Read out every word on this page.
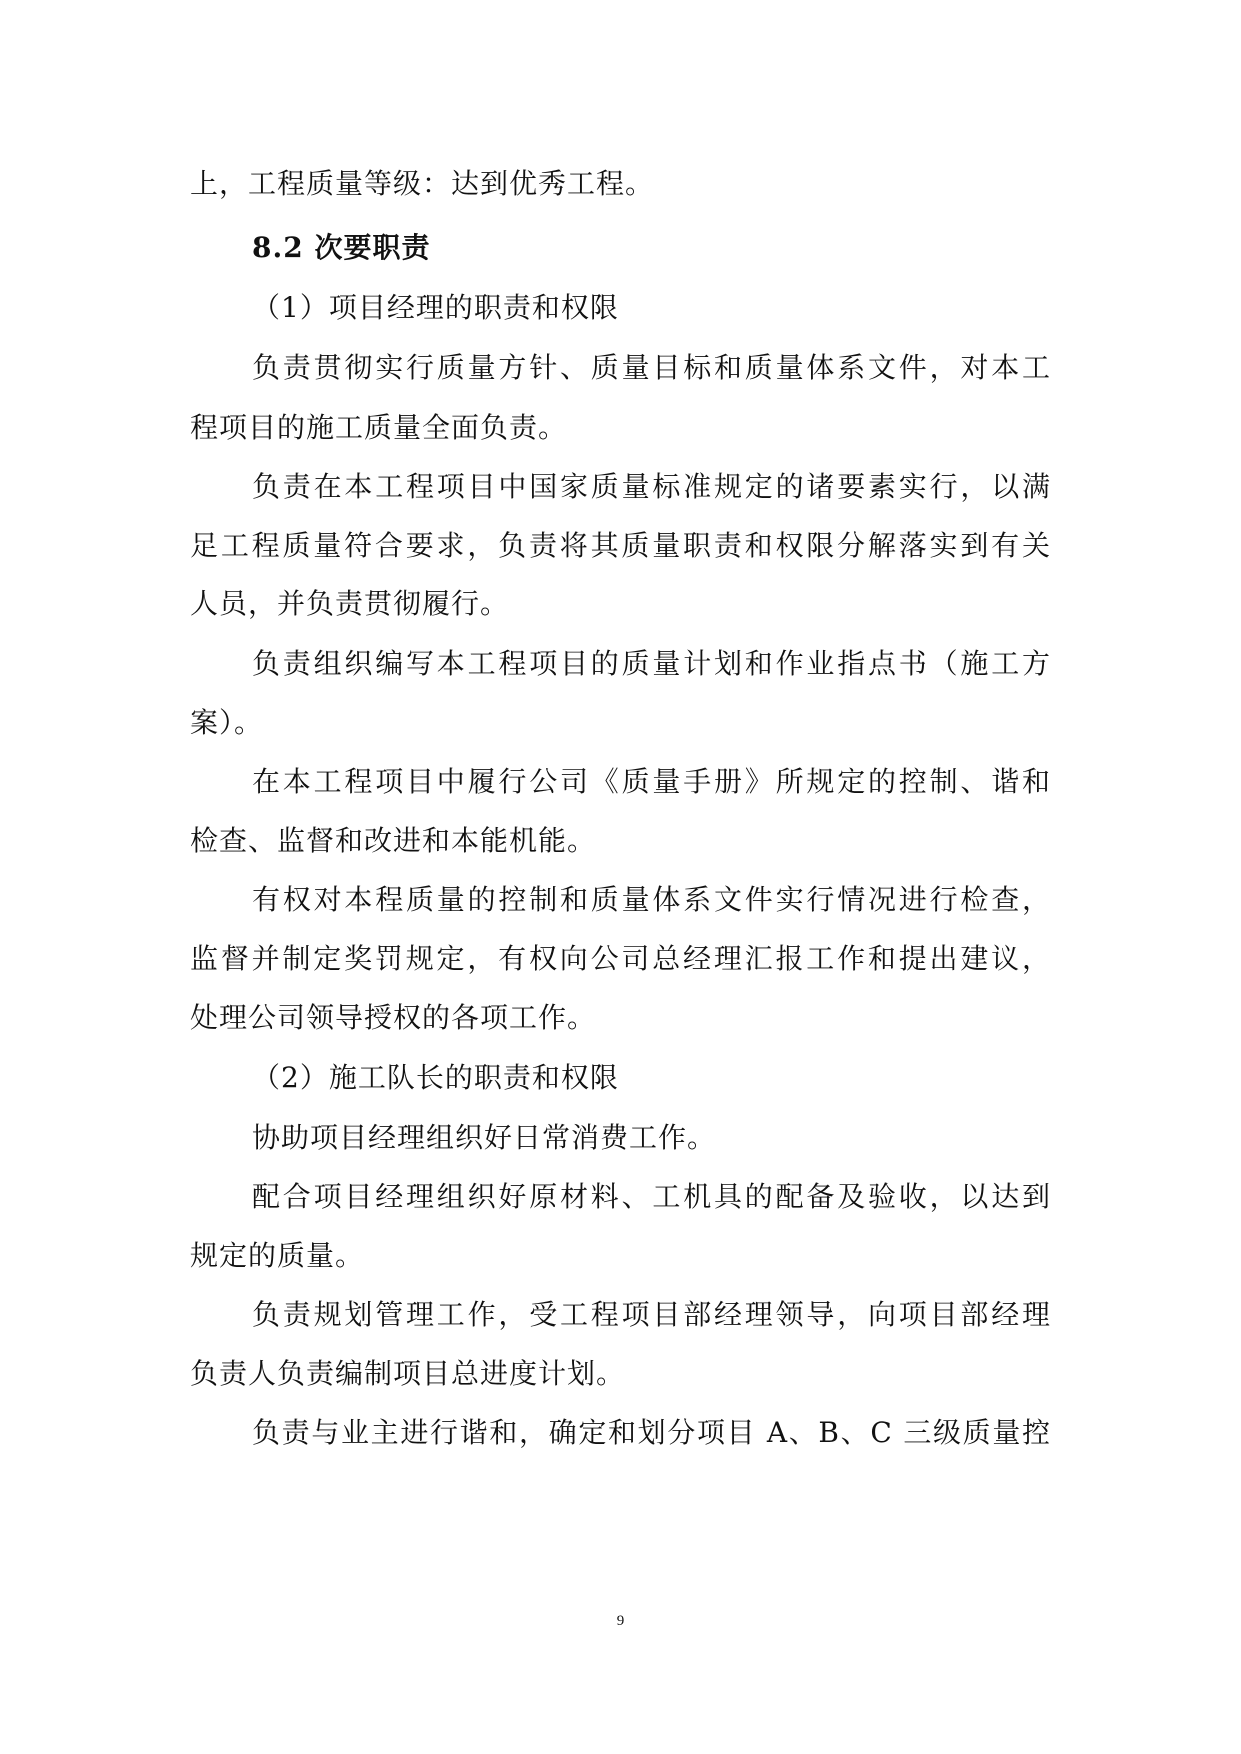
上，工程质量等级：达到优秀工程。
8.2 次要职责
（1）项目经理的职责和权限
负责贯彻实行质量方针、质量目标和质量体系文件，对本工
程项目的施工质量全面负责。
负责在本工程项目中国家质量标准规定的诸要素实行，以满
足工程质量符合要求，负责将其质量职责和权限分解落实到有关
人员，并负责贯彻履行。
负责组织编写本工程项目的质量计划和作业指点书（施工方
案）。
在本工程项目中履行公司《质量手册》所规定的控制、谐和
检查、监督和改进和本能机能。
有权对本程质量的控制和质量体系文件实行情况进行检查，
监督并制定奖罚规定，有权向公司总经理汇报工作和提出建议，
处理公司领导授权的各项工作。
（2）施工队长的职责和权限
协助项目经理组织好日常消费工作。
配合项目经理组织好原材料、工机具的配备及验收，以达到
规定的质量。
负责规划管理工作，受工程项目部经理领导，向项目部经理
负责人负责编制项目总进度计划。
负责与业主进行谐和，确定和划分项目 A、B、C 三级质量控
9
